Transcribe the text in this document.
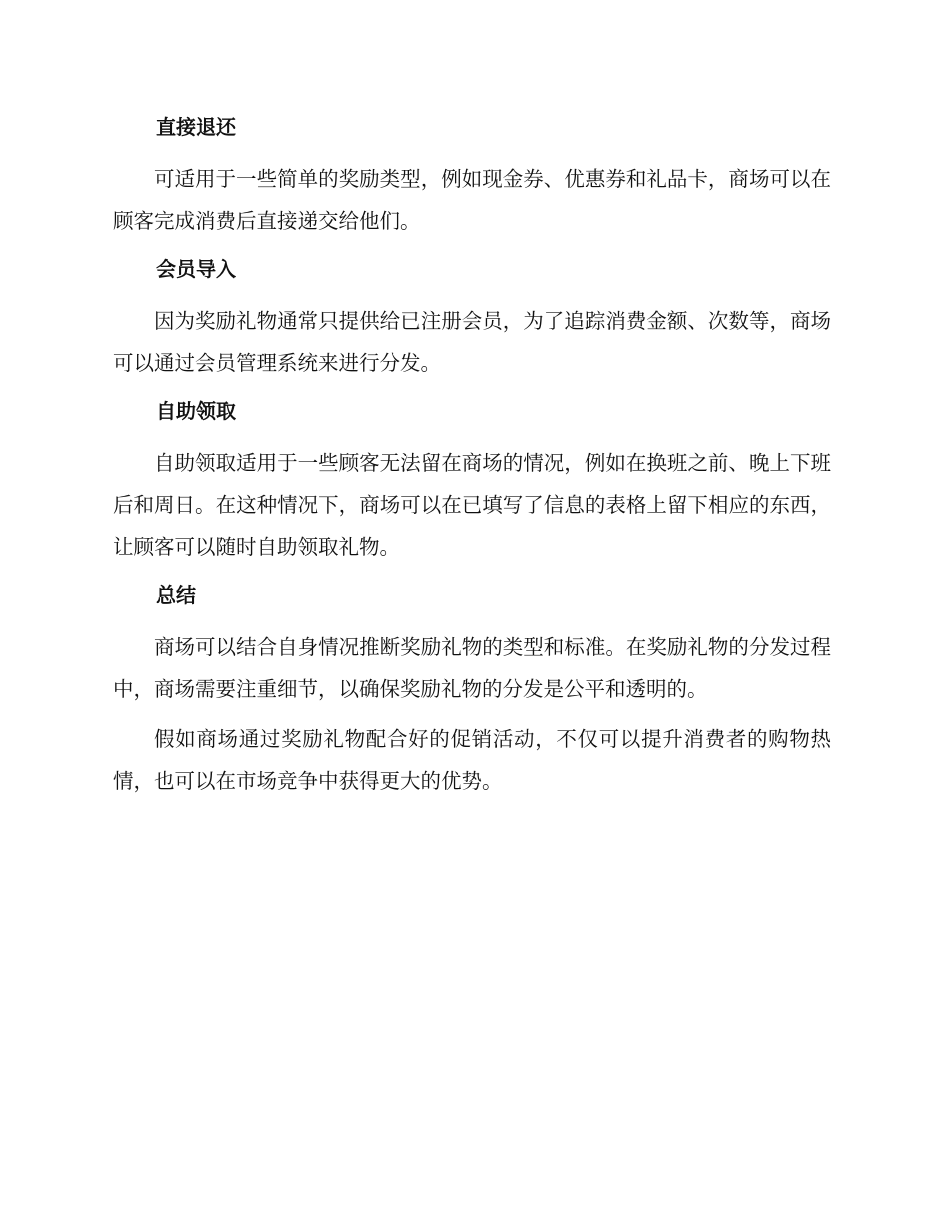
直接退还

可适用于一些简单的奖励类型，例如现金券、优惠券和礼品卡，商场可以在顾客完成消费后直接递交给他们。

会员导入

因为奖励礼物通常只提供给已注册会员，为了追踪消费金额、次数等，商场可以通过会员管理系统来进行分发。

自助领取

自助领取适用于一些顾客无法留在商场的情况，例如在换班之前、晚上下班后和周日。在这种情况下，商场可以在已填写了信息的表格上留下相应的东西，让顾客可以随时自助领取礼物。

总结

商场可以结合自身情况推断奖励礼物的类型和标准。在奖励礼物的分发过程中，商场需要注重细节，以确保奖励礼物的分发是公平和透明的。

假如商场通过奖励礼物配合好的促销活动，不仅可以提升消费者的购物热情，也可以在市场竞争中获得更大的优势。
